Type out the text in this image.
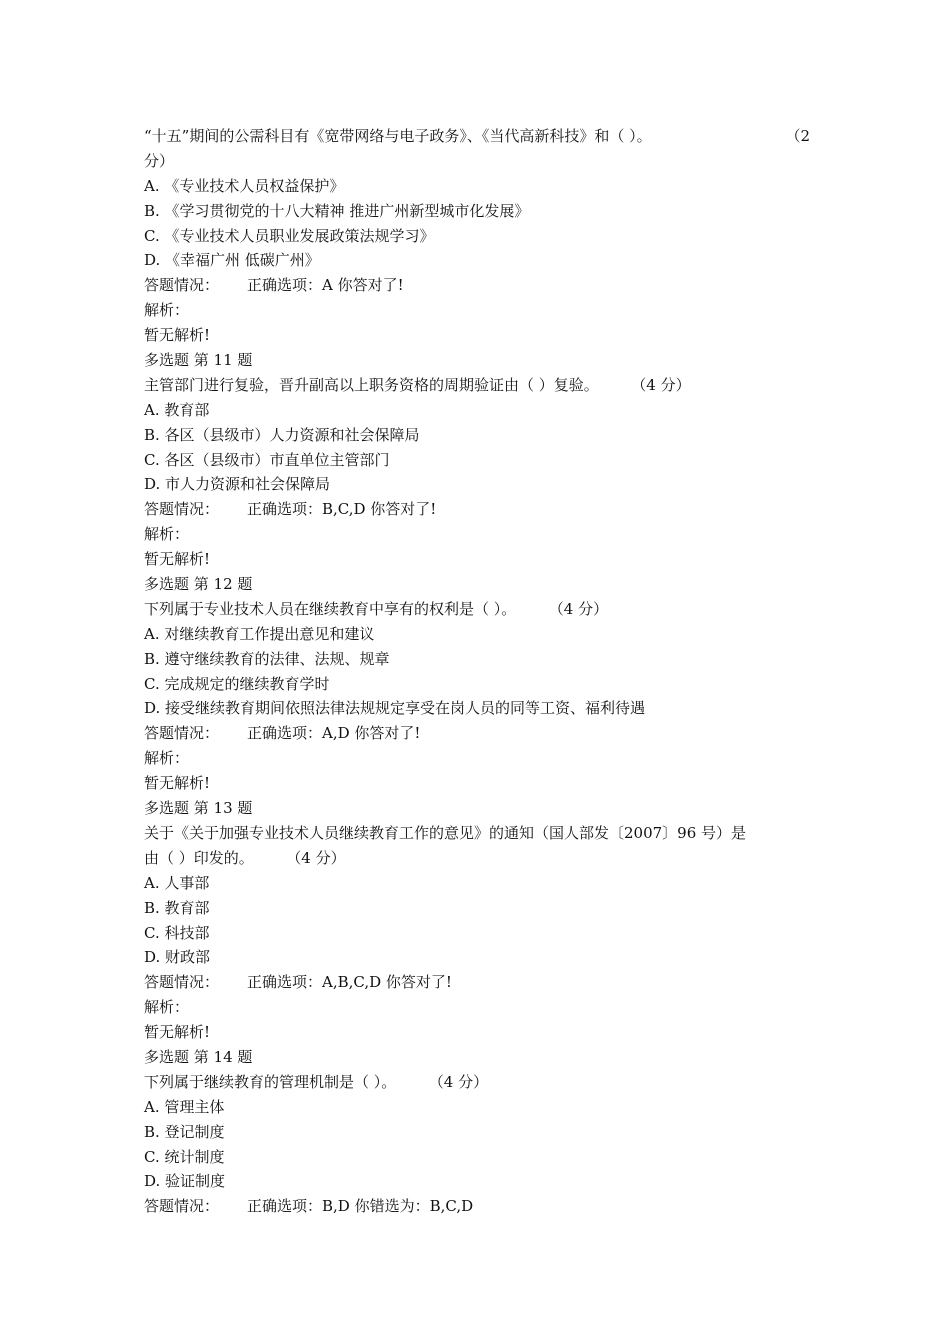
“十五”期间的公需科目有《宽带网络与电子政务》、《当代高新科技》和（ ）。	（2
分）
A. 《专业技术人员权益保护》
B. 《学习贯彻党的十八大精神 推进广州新型城市化发展》
C. 《专业技术人员职业发展政策法规学习》
D. 《幸福广州 低碳广州》
答题情况： 正确选项：A 你答对了!
解析：
暂无解析!
多选题 第 11 题
主管部门进行复验，晋升副高以上职务资格的周期验证由（ ）复验。	（4 分）
A. 教育部
B. 各区（县级市）人力资源和社会保障局
C. 各区（县级市）市直单位主管部门
D. 市人力资源和社会保障局
答题情况： 正确选项：B,C,D 你答对了!
解析：
暂无解析!
多选题 第 12 题
下列属于专业技术人员在继续教育中享有的权利是（ ）。	（4 分）
A. 对继续教育工作提出意见和建议
B. 遵守继续教育的法律、法规、规章
C. 完成规定的继续教育学时
D. 接受继续教育期间依照法律法规规定享受在岗人员的同等工资、福利待遇
答题情况： 正确选项：A,D 你答对了!
解析：
暂无解析!
多选题 第 13 题
关于《关于加强专业技术人员继续教育工作的意见》的通知（国人部发〔2007〕96 号）是
由（ ）印发的。	（4 分）
A. 人事部
B. 教育部
C. 科技部
D. 财政部
答题情况： 正确选项：A,B,C,D 你答对了!
解析：
暂无解析!
多选题 第 14 题
下列属于继续教育的管理机制是（ ）。	（4 分）
A. 管理主体
B. 登记制度
C. 统计制度
D. 验证制度
答题情况： 正确选项：B,D 你错选为：B,C,D
